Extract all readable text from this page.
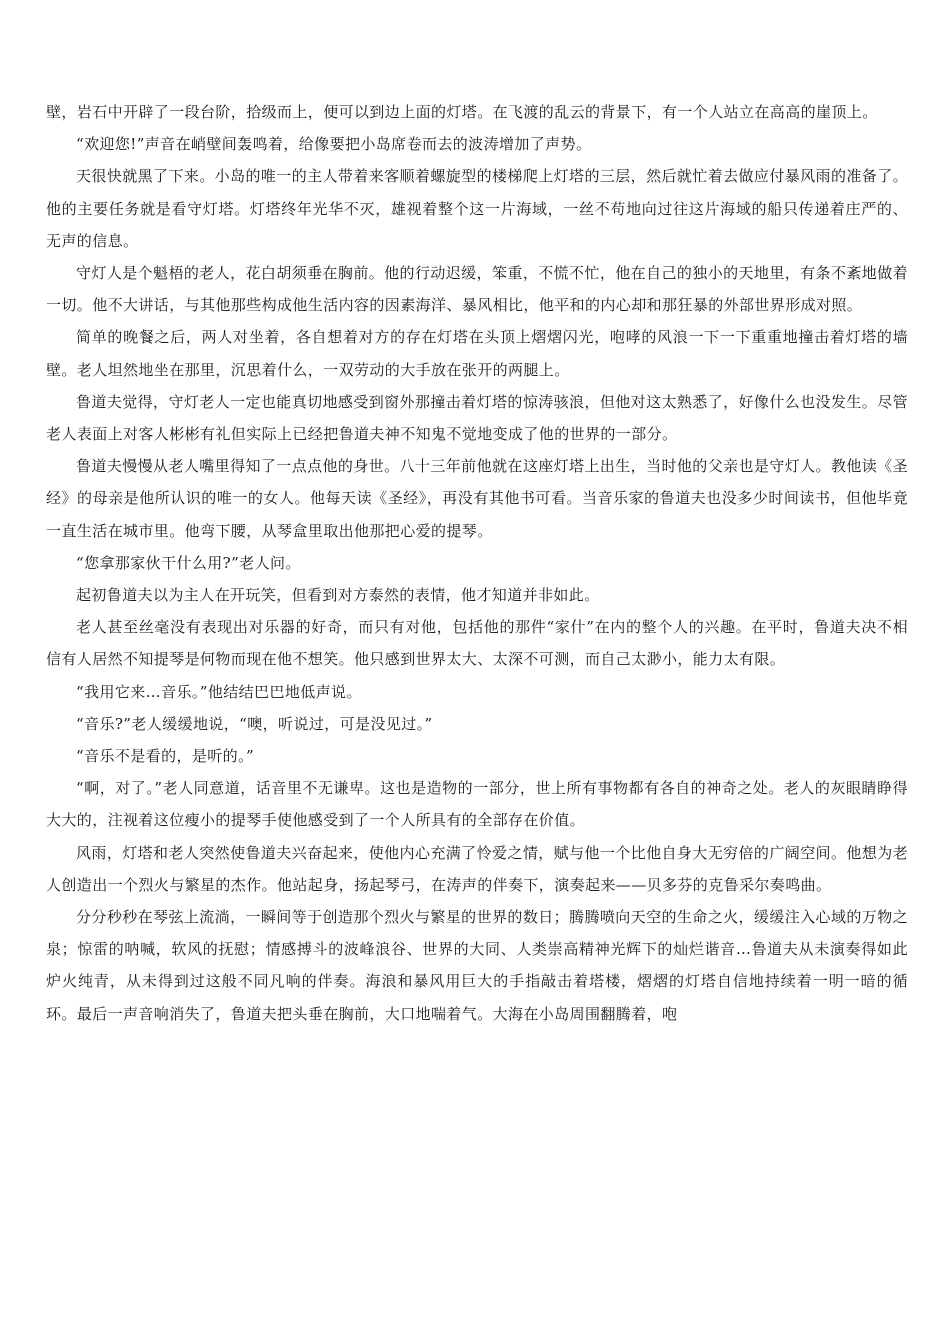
壁，岩石中开辟了一段台阶，拾级而上，便可以到边上面的灯塔。在飞渡的乱云的背景下，有一个人站立在高高的崖顶上。

“欢迎您!”声音在峭壁间轰鸣着，给像要把小岛席卷而去的波涛增加了声势。

天很快就黑了下来。小岛的唯一的主人带着来客顺着螺旋型的楼梯爬上灯塔的三层，然后就忙着去做应付暴风雨的准备了。他的主要任务就是看守灯塔。灯塔终年光华不灭，雄视着整个这一片海域，一丝不苟地向过往这片海域的船只传递着庄严的、无声的信息。

守灯人是个魁梧的老人，花白胡须垂在胸前。他的行动迟缓，笨重，不慌不忙，他在自己的独小的天地里，有条不紊地做着一切。他不大讲话，与其他那些构成他生活内容的因素海洋、暴风相比，他平和的内心却和那狂暴的外部世界形成对照。

简单的晚餐之后，两人对坐着，各自想着对方的存在灯塔在头顶上熠熠闪光，咆哮的风浪一下一下重重地撞击着灯塔的墙壁。老人坦然地坐在那里，沉思着什么，一双劳动的大手放在张开的两腿上。

鲁道夫觉得，守灯老人一定也能真切地感受到窗外那撞击着灯塔的惊涛骇浪，但他对这太熟悉了，好像什么也没发生。尽管老人表面上对客人彬彬有礼但实际上已经把鲁道夫神不知鬼不觉地变成了他的世界的一部分。

鲁道夫慢慢从老人嘴里得知了一点点他的身世。八十三年前他就在这座灯塔上出生，当时他的父亲也是守灯人。教他读《圣经》的母亲是他所认识的唯一的女人。他每天读《圣经》，再没有其他书可看。当音乐家的鲁道夫也没多少时间读书，但他毕竟一直生活在城市里。他弯下腰，从琴盒里取出他那把心爱的提琴。

“您拿那家伙干什么用?”老人问。

起初鲁道夫以为主人在开玩笑，但看到对方泰然的表情，他才知道并非如此。

老人甚至丝毫没有表现出对乐器的好奇，而只有对他，包括他的那件“家什”在内的整个人的兴趣。在平时，鲁道夫决不相信有人居然不知提琴是何物而现在他不想笑。他只感到世界太大、太深不可测，而自己太渺小，能力太有限。

“我用它来…音乐。”他结结巴巴地低声说。

“音乐?”老人缓缓地说，“噢，听说过，可是没见过。”

“音乐不是看的，是听的。”

“啊，对了。”老人同意道，话音里不无谦卑。这也是造物的一部分，世上所有事物都有各自的神奇之处。老人的灰眼睛睁得大大的，注视着这位瘦小的提琴手使他感受到了一个人所具有的全部存在价值。

风雨，灯塔和老人突然使鲁道夫兴奋起来，使他内心充满了怜爱之情，赋与他一个比他自身大无穷倍的广阔空间。他想为老人创造出一个烈火与繁星的杰作。他站起身，扬起琴弓，在涛声的伴奏下，演奏起来——贝多芬的克鲁采尔奏鸣曲。

分分秒秒在琴弦上流淌，一瞬间等于创造那个烈火与繁星的世界的数日；腾腾喷向天空的生命之火，缓缓注入心域的万物之泉；惊雷的呐喊，软风的抚慰；情感搏斗的波峰浪谷、世界的大同、人类崇高精神光辉下的灿烂谐音…鲁道夫从未演奏得如此炉火纯青，从未得到过这般不同凡响的伴奏。海浪和暴风用巨大的手指敲击着塔楼，熠熠的灯塔自信地持续着一明一暗的循环。最后一声音响消失了，鲁道夫把头垂在胸前，大口地喘着气。大海在小岛周围翻腾着，咆
